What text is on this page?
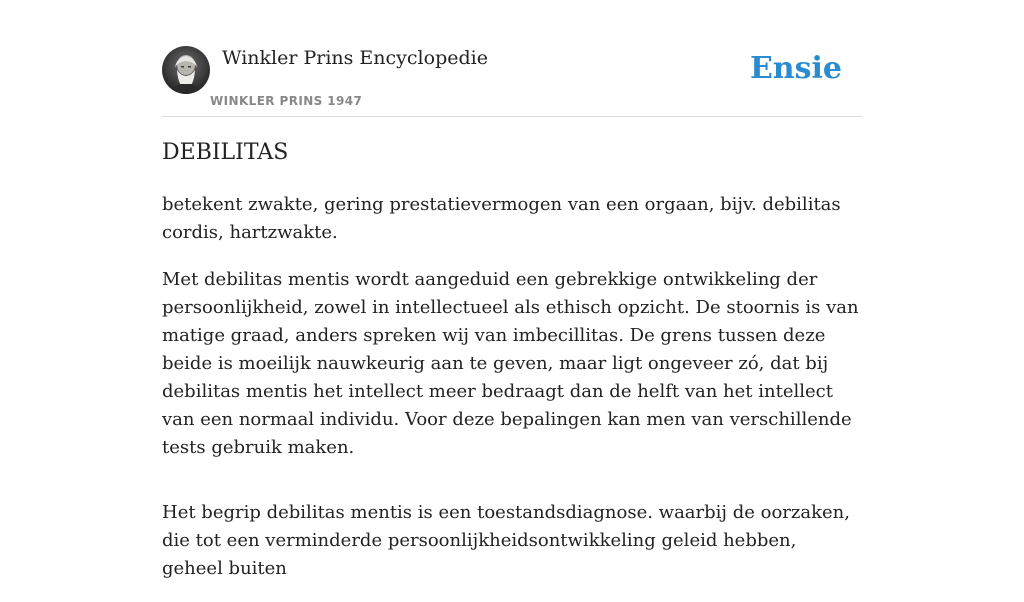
Winkler Prins Encyclopedie
WINKLER PRINS 1947
Ensie
DEBILITAS

betekent zwakte, gering prestatievermogen van een orgaan, bijv. debilitas cordis, hartzwakte.

Met debilitas mentis wordt aangeduid een gebrekkige ontwikkeling der persoonlijkheid, zowel in intellectueel als ethisch opzicht. De stoornis is van matige graad, anders spreken wij van imbecillitas. De grens tussen deze beide is moeilijk nauwkeurig aan te geven, maar ligt ongeveer zó, dat bij debilitas mentis het intellect meer bedraagt dan de helft van het intellect van een normaal individu. Voor deze bepalingen kan men van verschillende tests gebruik maken.

Het begrip debilitas mentis is een toestandsdiagnose. waarbij de oorzaken, die tot een verminderde persoonlijkheidsontwikkeling geleid hebben, geheel buiten
